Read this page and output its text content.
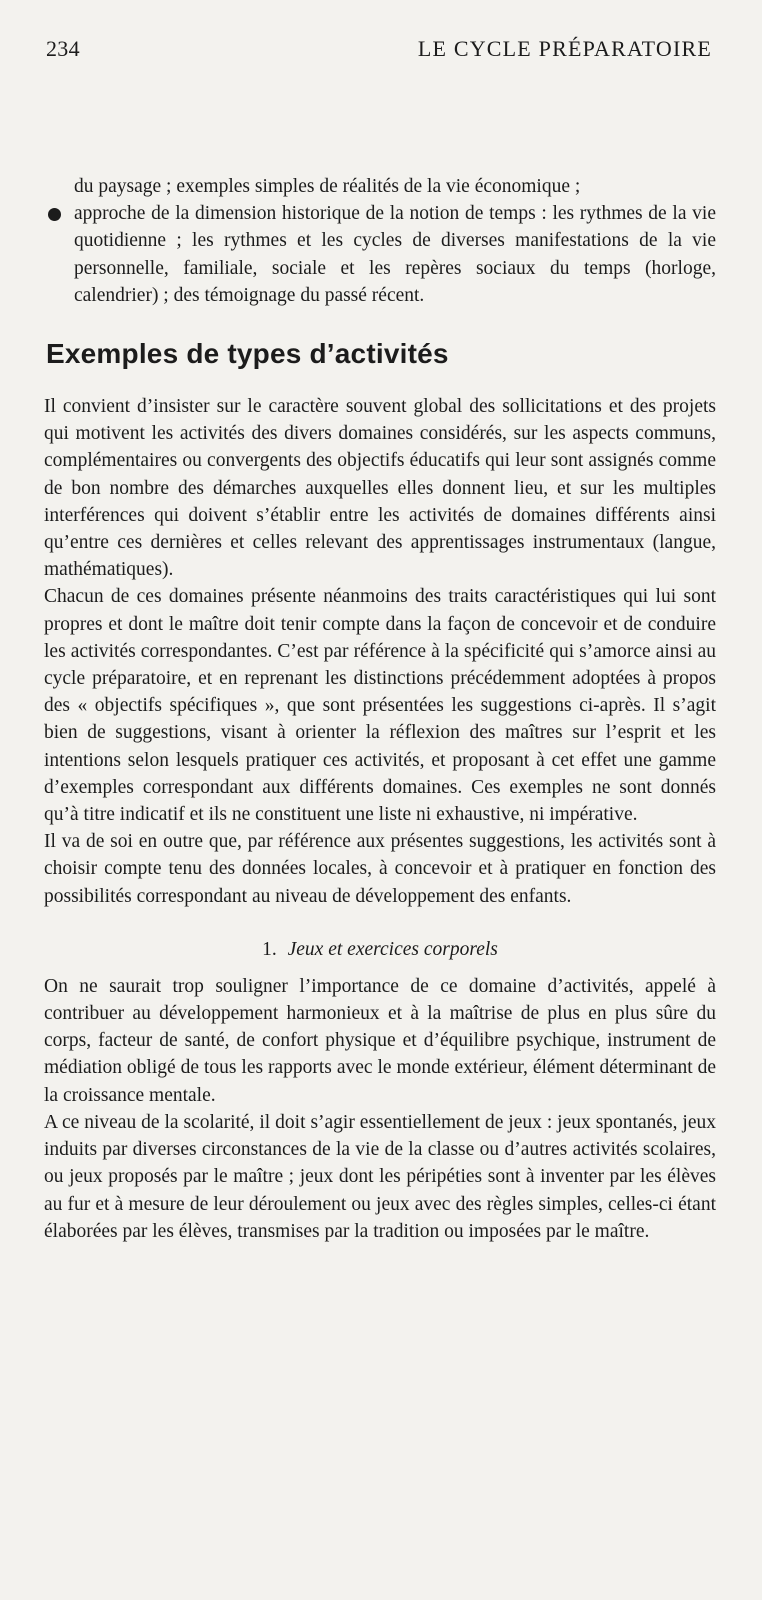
234	LE CYCLE PRÉPARATOIRE
du paysage ; exemples simples de réalités de la vie économique ;
approche de la dimension historique de la notion de temps : les rythmes de la vie quotidienne ; les rythmes et les cycles de diverses manifestations de la vie personnelle, familiale, sociale et les repères sociaux du temps (horloge, calendrier) ; des témoignage du passé récent.
Exemples de types d’activités

Il convient d’insister sur le caractère souvent global des sollicitations et des projets qui motivent les activités des divers domaines considérés, sur les aspects communs, complémentaires ou convergents des objectifs éducatifs qui leur sont assignés comme de bon nombre des démarches auxquelles elles donnent lieu, et sur les multiples interférences qui doivent s’établir entre les activités de domaines différents ainsi qu’entre ces dernières et celles relevant des apprentissages instrumentaux (langue, mathématiques).

Chacun de ces domaines présente néanmoins des traits caractéristiques qui lui sont propres et dont le maître doit tenir compte dans la façon de concevoir et de conduire les activités correspondantes. C’est par référence à la spécificité qui s’amorce ainsi au cycle préparatoire, et en reprenant les distinctions précédemment adoptées à propos des « objectifs spécifiques », que sont présentées les suggestions ci-après. Il s’agit bien de suggestions, visant à orienter la réflexion des maîtres sur l’esprit et les intentions selon lesquels pratiquer ces activités, et proposant à cet effet une gamme d’exemples correspondant aux différents domaines. Ces exemples ne sont donnés qu’à titre indicatif et ils ne constituent une liste ni exhaustive, ni impérative.

Il va de soi en outre que, par référence aux présentes suggestions, les activités sont à choisir compte tenu des données locales, à concevoir et à pratiquer en fonction des possibilités correspondant au niveau de développement des enfants.

1. Jeux et exercices corporels

On ne saurait trop souligner l’importance de ce domaine d’activités, appelé à contribuer au développement harmonieux et à la maîtrise de plus en plus sûre du corps, facteur de santé, de confort physique et d’équilibre psychique, instrument de médiation obligé de tous les rapports avec le monde extérieur, élément déterminant de la croissance mentale.

A ce niveau de la scolarité, il doit s’agir essentiellement de jeux : jeux spontanés, jeux induits par diverses circonstances de la vie de la classe ou d’autres activités scolaires, ou jeux proposés par le maître ; jeux dont les péripéties sont à inventer par les élèves au fur et à mesure de leur déroulement ou jeux avec des règles simples, celles-ci étant élaborées par les élèves, transmises par la tradition ou imposées par le maître.
